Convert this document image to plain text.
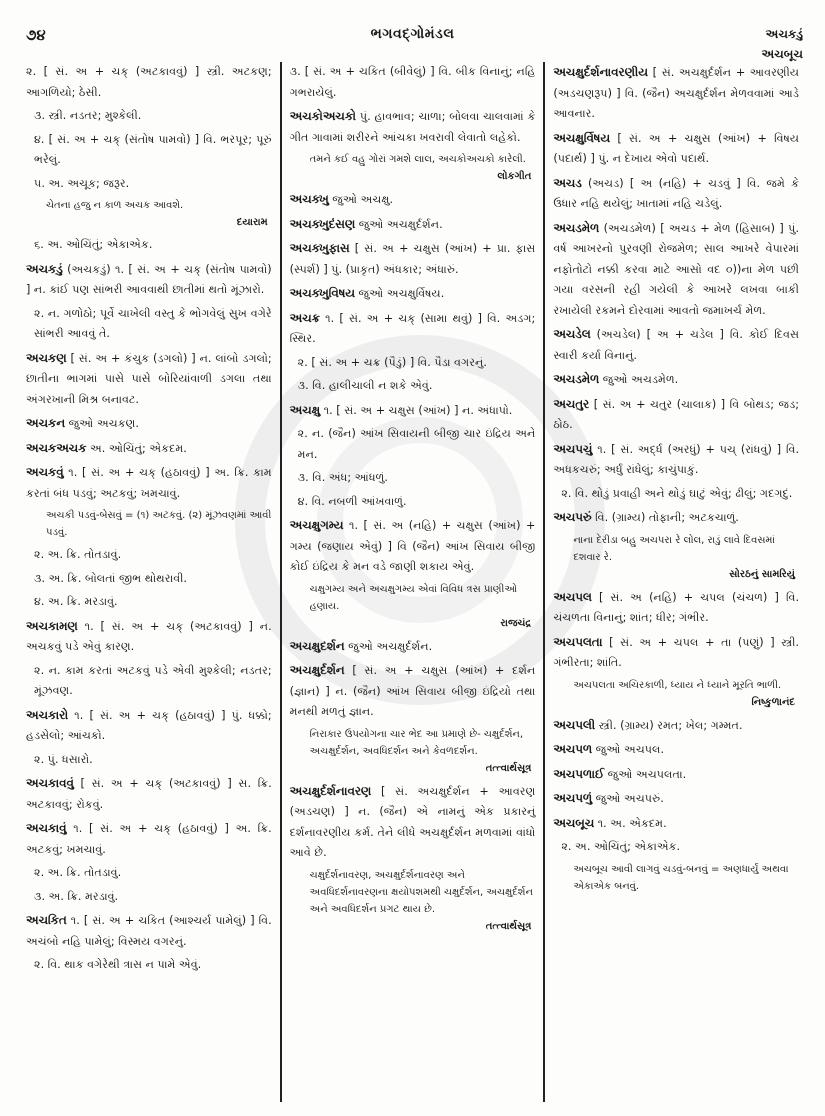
૭૪	ભગવદ્ગોમંડલ	અચકડું
અચબૂચ
૨. [ સં. અ + ચક્ (અટકાવવું) ] સ્ત્રી. અટકણ; આગળિયો; ઠેસી.
૩. સ્ત્રી. નડતર; મુશ્કેલી.
૪. [ સં. અ + ચક્ (સંતોષ પામવો) ] વિ. ભરપૂર; પૂરું ભરેલું.
૫. અ. અચૂક; જરૂર.
ચેતના હજુ ન કાળ અચક આવશે.
દયારામ
૬. અ. ઓચિંતું; એકાએક.
અચકડું (અચકડું) ૧. [ સં. અ + ચક્ (સંતોષ પામવો) ] ન. કાંઈ પણ સાંભરી આવવાથી છાતીમાં થતો મૂંઝારો.
૨. ન. ગળોઠો; પૂર્વે ચાખેલી વસ્તુ કે ભોગવેલું સુખ વગેરે સાંભરી આવવું તે.
અચકણ [ સં. અ + કંચુક (ડગલો) ] ન. લાંબો ડગલો; છાતીના ભાગમાં પાસે પાસે બોરિયાંવાળી ડગલા તથા અંગરખાની મિશ્ર બનાવટ.
અચકન જુઓ અચકણ.
અચકઅચક અ. ઓચિંતું; એકદમ.
અચકવું ૧. [ સં. અ + ચક્ (હઠાવવું) ] અ. ક્રિ. કામ કરતાં બંધ પડવું; અટકવું; ખમચાવું.
અચકી પડવું-બેસવું = (૧) અટકવું. (૨) મૂંઝવણમાં આવી પડવું.
૨. અ. ક્રિ. તોતડાવું.
૩. અ. ક્રિ. બોલતાં જીભ થોથરાવી.
૪. અ. ક્રિ. મરડાવું.
અચકામણ ૧. [ સં. અ + ચક્ (અટકાવવું) ] ન. અચકવું પડે એવું કારણ.
૨. ન. કામ કરતાં અટકવું પડે એવી મુશ્કેલી; નડતર; મૂંઝવણ.
અચકારો ૧. [ સં. અ + ચક્ (હઠાવવું) ] પું. ધક્કો; હડસેલો; આંચકો.
૨. પું. ધસારો.
અચકાવવું [ સં. અ + ચક્ (અટકાવવું) ] સ. ક્રિ. અટકાવવું; રોકવું.
અચકાવું ૧. [ સં. અ + ચક્ (હઠાવવું) ] અ. ક્રિ. અટકવું; ખમચાવું.
૨. અ. ક્રિ. તોતડાવું.
૩. અ. ક્રિ. મરડાવું.
અચકિત ૧. [ સં. અ + ચકિત (આશ્ચર્ય પામેલું) ] વિ. અચંબો નહિ પામેલું; વિસ્મય વગરનું.
૨. વિ. થાક વગેરેથી ત્રાસ ન પામે એવું.
૩. [ સં. અ + ચકિત (બીવેલું) ] વિ. બીક વિનાનું; નહિ ગભરાયેલું.
અચકોઅચકો પું. હાવભાવ; ચાળા; બોલવા ચાલવામાં કે ગીત ગાવામાં શરીરને આંચકા ખવરાવી લેવાતો લહેકો.
તમને કઈ વહુ ગોરાં ગમશે લાલ, અચકોઅચકો કારેલી.
લોકગીત
અચક્ખુ જુઓ અચક્ષુ.
અચક્ખુદંસણ જુઓ અચક્ષુર્દર્શન.
અચક્ખુફાસ [ સં. અ + ચક્ષુસ (આંખ) + પ્રા. ફાસ (સ્પર્શ) ] પું. (પ્રાકૃત) અંધકાર; અંધારું.
અચક્ખુવિષય જુઓ અચક્ષુર્વિષય.
અચક્ર ૧. [ સં. અ + ચક્ (સામા થવું) ] વિ. અડગ; સ્થિર.
૨. [ સં. અ + ચક્ર (પૈડું) ] વિ. પૈડા વગરનું.
૩. વિ. હાલીચાલી ન શકે એવું.
અચક્ષુ ૧. [ સં. અ + ચક્ષુસ (આંખ) ] ન. અંધાપો.
૨. ન. (જૈન) આંખ સિવાયની બીજી ચાર ઇંદ્રિય અને મન.
૩. વિ. અંધ; આંધળું.
૪. વિ. નબળી આંખવાળું.
અચક્ષુગમ્ય ૧. [ સં. અ (નહિ) + ચક્ષુસ (આંખ) + ગમ્ય (જણાય એવું) ] વિ (જૈન) આંખ સિવાય બીજી કોઈ ઇંદ્રિય કે મન વડે જાણી શકાય એવું.
ચક્ષુગમ્ય અને અચક્ષુગમ્ય એવાં વિવિધ ત્રસ પ્રાણીઓ હણાય.
રાજચંદ્ર
અચક્ષુદર્શન જુઓ અચક્ષુર્દર્શન.
અચક્ષુર્દર્શન [ સં. અ + ચક્ષુસ (આંખ) + દર્શન (જ્ઞાન) ] ન. (જૈન) આંખ સિવાય બીજી ઇંદ્રિયો તથા મનથી મળતું જ્ઞાન.
નિરાકાર ઉપયોગના ચાર ભેદ આ પ્રમાણે છે- ચક્ષુર્દર્શન, અચક્ષુર્દર્શન, અવધિદર્શન અને કેવળદર્શન.
તત્ત્વાર્થસૂત્ર
અચક્ષુર્દર્શનાવરણ [ સં. અચક્ષુર્દર્શન + આવરણ (અડચણ) ] ન. (જૈન) એ નામનું એક પ્રકારનું દર્શનાવરણીય કર્મ. તેને લીધે અચક્ષુર્દર્શન મળવામાં વાંધો આવે છે.
ચક્ષુર્દર્શનાવરણ, અચક્ષુર્દર્શનાવરણ અને અવધિદર્શનાવરણના ક્ષયોપશમથી ચક્ષુર્દર્શન, અચક્ષુર્દર્શન અને અવધિદર્શન પ્રગટ થાય છે.
તત્ત્વાર્થસૂત્ર
અચક્ષુર્દર્શનાવરણીય [ સં. અચક્ષુર્દર્શન + આવરણીય (અડચણરૂપ) ] વિ. (જૈન) અચક્ષુર્દર્શન મેળવવામાં આડે આવનાર.
અચક્ષુર્વિષય [ સં. અ + ચક્ષુસ (આંખ) + વિષય (પદાર્થ) ] પું. ન દેખાય એવો પદાર્થ.
અચડ (અચડ) [ અ (નહિ) + ચડવું ] વિ. જમે કે ઉધાર નહિ થયેલું; ખાતામાં નહિ ચડેલું.
અચડમેળ (અચડમેળ) [ અચડ + મેળ (હિસાબ) ] પું. વર્ષ આખરનો પુરવણી રોજમેળ; સાલ આખરે વેપારમાં નફોતોટો નક્કી કરવા માટે આસો વદ ૦))ના મેળ પછી ગયા વરસની રહી ગયેલી કે આખરે લખવા બાકી રખાયેલી રકમને દોરવામાં આવતો જમાખર્ચ મેળ.
અચડેલ (અચડેલ) [ અ + ચડેલ ] વિ. કોઈ દિવસ સ્વારી કર્યા વિનાનું.
અચડમેળ જુઓ અચડમેળ.
અચતુર [ સં. અ + ચતુર (ચાલાક) ] વિ બોથડ; જડ; ઠોઠ.
અચપચું ૧. [ સં. અર્દ્ધ (અરધું) + પચ્ (રાંધવું) ] વિ. અધકચરું; અર્ધું રાંધેલું; કાચુંપાકું.
૨. વિ. થોડું પ્રવાહી અને થોડું ઘાટું એવું; ઢીલું; ગદગદું.
અચપરું વિ. (ગ્રામ્ય) તોફાની; અટકચાળું.
નાના દેરીડા બહુ અચપરા રે લોલ, રાડું લાવે દિવસમાં દશવાર રે.
સોરઠનું સામરિયું
અચપલ [ સં. અ (નહિ) + ચપલ (ચંચળ) ] વિ. ચંચળતા વિનાનું; શાંત; ધીર; ગંભીર.
અચપલતા [ સં. અ + ચપલ + તા (પણું) ] સ્ત્રી. ગંભીરતા; શાંતિ.
અચપલતા અચિરકાળી, ધ્યાય ને ધ્યાને મૂરતિ ભાળી.
નિષ્કુળાનંદ
અચપલી સ્ત્રી. (ગ્રામ્ય) રમત; ખેલ; ગમ્મત.
અચપળ જુઓ અચપલ.
અચપળાઈ જુઓ અચપલતા.
અચપળું જુઓ અચપરું.
અચબૂચ ૧. અ. એકદમ.
૨. અ. ઓચિંતું; એકાએક.
અચબૂચ આવી લાગવું ચડવું-બનવું = અણધાર્યું અથવા એકાએક બનવું.
